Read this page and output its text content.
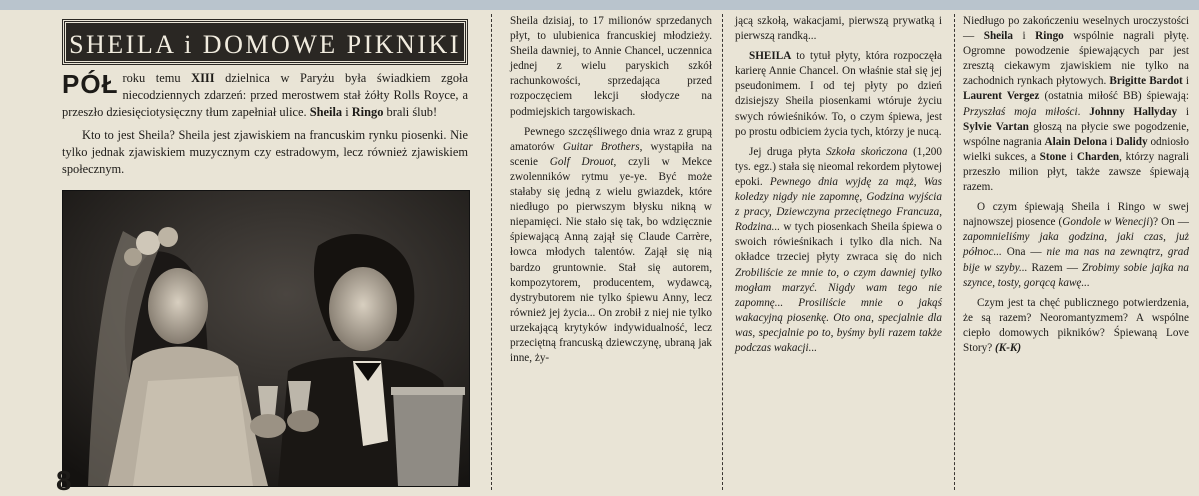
SHEILA i DOMOWE PIKNIKI

PÓŁ roku temu XIII dzielnica w Paryżu była świadkiem zgoła niecodziennych zdarzeń: przed merostwem stał żółty Rolls Royce, a przeszło dziesięciotysięczny tłum zapełniał ulice. Sheila i Ringo brali ślub!

Kto to jest Sheila? Sheila jest zjawiskiem na francuskim rynku piosenki. Nie tylko jednak zjawiskiem muzycznym czy estradowym, lecz również zjawiskiem społecznym.

8

Sheila dzisiaj, to 17 milionów sprzedanych płyt, to ulubienica francuskiej młodzieży. Sheila dawniej, to Annie Chancel, uczennica jednej z wielu paryskich szkół rachunkowości, sprzedająca przed rozpoczęciem lekcji słodycze na podmiejskich targowiskach.

Pewnego szczęśliwego dnia wraz z grupą amatorów Guitar Brothers, wystąpiła na scenie Golf Drouot, czyli w Mekce zwolenników rytmu ye-ye. Być może stałaby się jedną z wielu gwiazdek, które niedługo po pierwszym błysku nikną w niepamięci. Nie stało się tak, bo wdzięcznie śpiewającą Anną zajął się Claude Carrère, łowca młodych talentów. Zajął się nią bardzo gruntownie. Stał się autorem, kompozytorem, producentem, wydawcą, dystrybutorem nie tylko śpiewu Anny, lecz również jej życia... On zrobił z niej nie tylko urzekającą krytyków indywidualność, lecz przeciętną francuską dziewczynę, ubraną jak inne, ży-

jącą szkołą, wakacjami, pierwszą prywatką i pierwszą randką...

SHEILA to tytuł płyty, która rozpoczęła karierę Annie Chancel. On właśnie stał się jej pseudonimem. I od tej płyty po dzień dzisiejszy Sheila piosenkami wtóruje życiu swych rówieśników. To, o czym śpiewa, jest po prostu odbiciem życia tych, którzy je nucą.

Jej druga płyta Szkoła skończona (1,200 tys. egz.) stała się nieomal rekordem płytowej epoki. Pewnego dnia wyjdę za mąż, Was koledzy nigdy nie zapomnę, Godzina wyjścia z pracy, Dziewczyna przeciętnego Francuza, Rodzina... w tych piosenkach Sheila śpiewa o swoich rówieśnikach i tylko dla nich. Na okładce trzeciej płyty zwraca się do nich Zrobiliście ze mnie to, o czym dawniej tylko mogłam marzyć. Nigdy wam tego nie zapomnę... Prosiliście mnie o jakąś wakacyjną piosenkę. Oto ona, specjalnie dla was, specjalnie po to, byśmy byli razem także podczas wakacji...

Niedługo po zakończeniu weselnych uroczystości — Sheila i Ringo wspólnie nagrali płytę. Ogromne powodzenie śpiewających par jest zresztą ciekawym zjawiskiem nie tylko na zachodnich rynkach płytowych. Brigitte Bardot i Laurent Vergez (ostatnia miłość BB) śpiewają: Przyszłaś moja miłości. Johnny Hallyday i Sylvie Vartan głoszą na płycie swe pogodzenie, wspólne nagrania Alain Delona i Dalidy odniosło wielki sukces, a Stone i Charden, którzy nagrali przeszło milion płyt, także zawsze śpiewają razem.

O czym śpiewają Sheila i Ringo w swej najnowszej piosence (Gondole w Wenecji)? On — zapomnieliśmy jaka godzina, jaki czas, już północ... Ona — nie ma nas na zewnątrz, grad bije w szyby... Razem — Zrobimy sobie jajka na szynce, tosty, gorącą kawę...

Czym jest ta chęć publicznego potwierdzenia, że są razem? Neoromantyzmem? A wspólne ciepło domowych pikników? Śpiewaną Love Story? (K-K)
